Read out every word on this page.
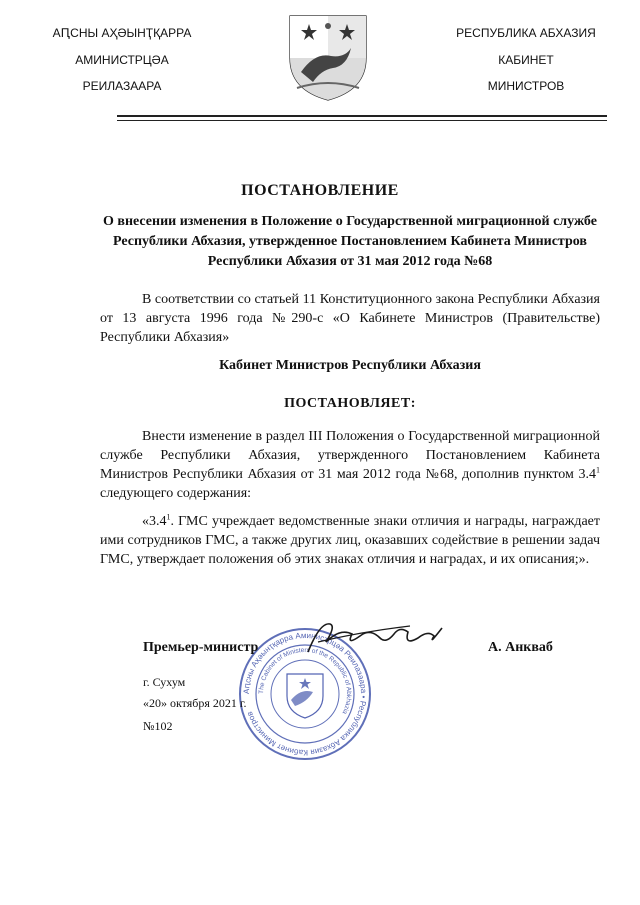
АԤСНЫ АҲӘЫНҬҚАРРА
АМИНИСТРЦӘА
РЕИЛАЗААРА
РЕСПУБЛИКА АБХАЗИЯ
КАБИНЕТ
МИНИСТРОВ
ПОСТАНОВЛЕНИЕ
О внесении изменения в Положение о Государственной миграционной службе Республики Абхазия, утвержденное Постановлением Кабинета Министров Республики Абхазия от 31 мая 2012 года №68
В соответствии со статьей 11 Конституционного закона Республики Абхазия от 13 августа 1996 года №290-с «О Кабинете Министров (Правительстве) Республики Абхазия»
Кабинет Министров Республики Абхазия
ПОСТАНОВЛЯЕТ:
Внести изменение в раздел III Положения о Государственной миграционной службе Республики Абхазия, утвержденного Постановлением Кабинета Министров Республики Абхазия от 31 мая 2012 года №68, дополнив пунктом $3.4^1$ следующего содержания:
«$3.4^1$. ГМС учреждает ведомственные знаки отличия и награды, награждает ими сотрудников ГМС, а также других лиц, оказавших содействие в решении задач ГМС, утверждает положения об этих знаках отличия и наградах, и их описания;».
Аԥсны Аҳәынҭқарра Аминистрцәа Реилазаара • Республика Абхазия Кабинет Министров
The Cabinet of Ministers of the Republic of Abkhazia
Премьер-министр	А. Анкваб
г. Сухум
«20» октября 2021 г.
№102
